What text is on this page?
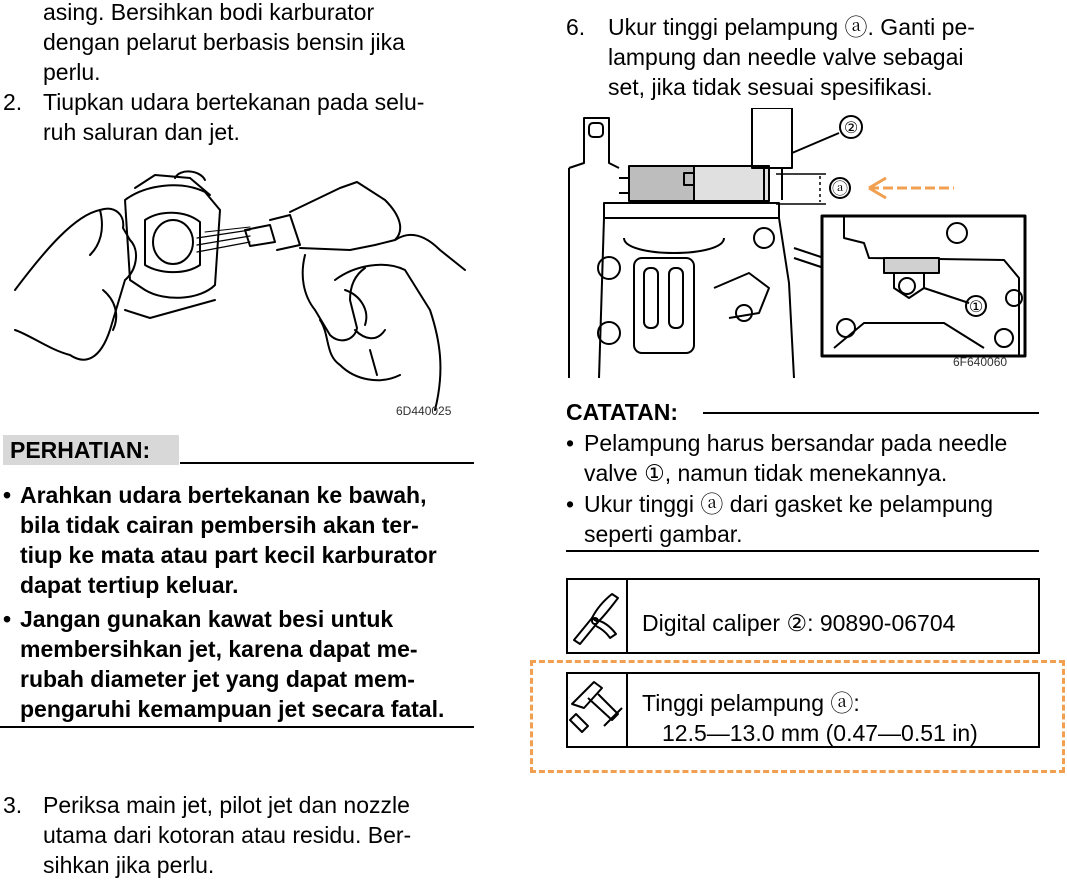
asing. Bersihkan bodi karburator
dengan pelarut berbasis bensin jika
perlu.
2. Tiupkan udara bertekanan pada selu-
ruh saluran dan jet.
6D440025
PERHATIAN:
• Arahkan udara bertekanan ke bawah,
bila tidak cairan pembersih akan ter-
tiup ke mata atau part kecil karburator
dapat tertiup keluar.
• Jangan gunakan kawat besi untuk
membersihkan jet, karena dapat me-
rubah diameter jet yang dapat mem-
pengaruhi kemampuan jet secara fatal.
3. Periksa main jet, pilot jet dan nozzle
utama dari kotoran atau residu. Ber-
sihkan jika perlu.
6. Ukur tinggi pelampung ⓐ. Ganti pe-
lampung dan needle valve sebagai
set, jika tidak sesuai spesifikasi.
②
ⓐ
①
6F640060
CATATAN:
• Pelampung harus bersandar pada needle
valve ①, namun tidak menekannya.
• Ukur tinggi ⓐ dari gasket ke pelampung
seperti gambar.
Digital caliper ②: 90890-06704
Tinggi pelampung ⓐ:
12.5—13.0 mm (0.47—0.51 in)
